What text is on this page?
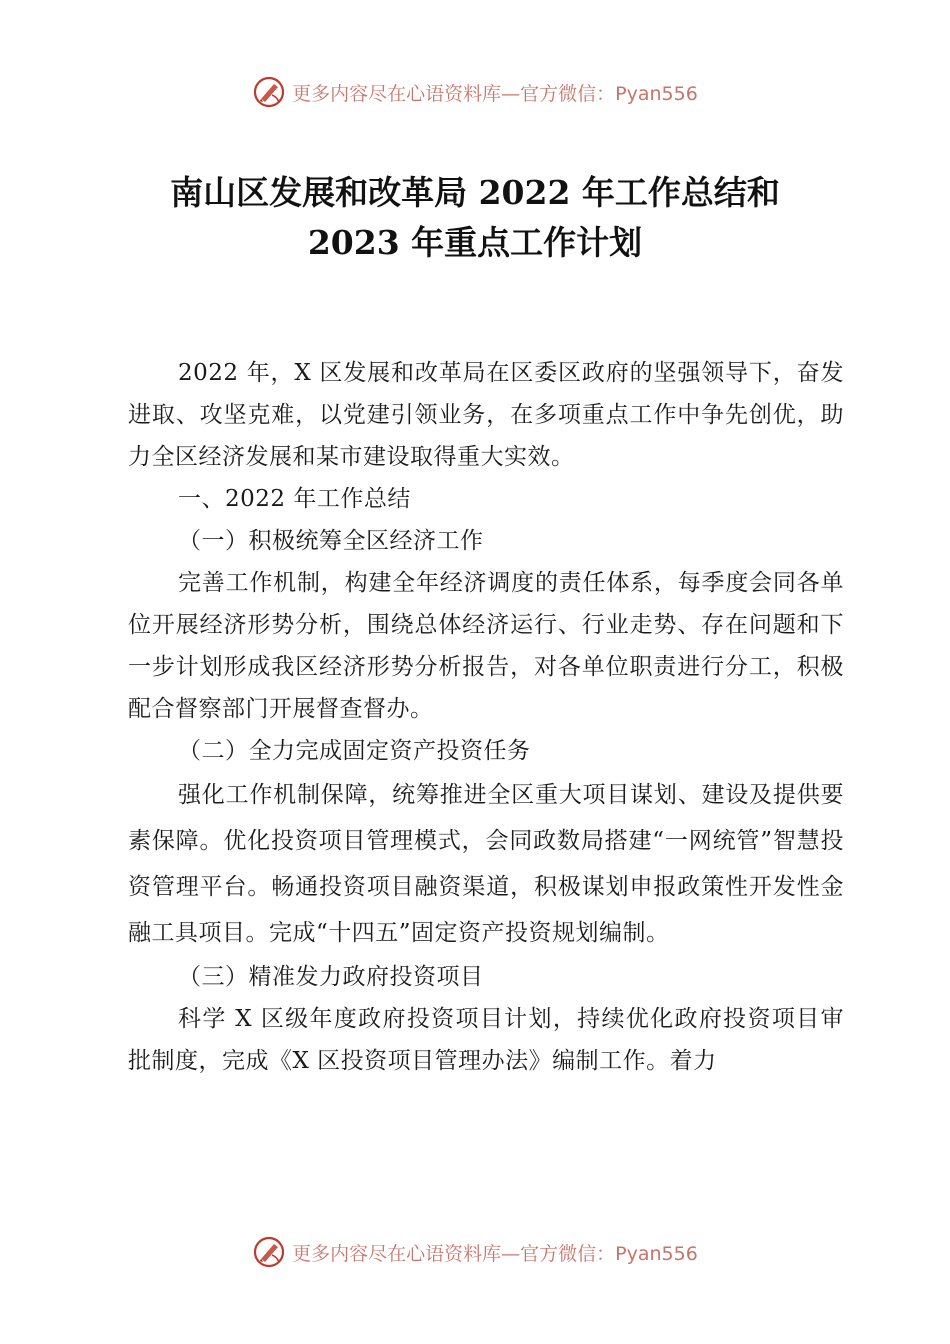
更多内容尽在心语资料库—官方微信：Pyan556
南山区发展和改革局 2022 年工作总结和
2023 年重点工作计划

2022 年，X 区发展和改革局在区委区政府的坚强领导下，奋发进取、攻坚克难，以党建引领业务，在多项重点工作中争先创优，助力全区经济发展和某市建设取得重大实效。

一、2022 年工作总结

（一）积极统筹全区经济工作

完善工作机制，构建全年经济调度的责任体系，每季度会同各单位开展经济形势分析，围绕总体经济运行、行业走势、存在问题和下一步计划形成我区经济形势分析报告，对各单位职责进行分工，积极配合督察部门开展督查督办。

（二）全力完成固定资产投资任务

强化工作机制保障，统筹推进全区重大项目谋划、建设及提供要素保障。优化投资项目管理模式，会同政数局搭建“一网统管”智慧投资管理平台。畅通投资项目融资渠道，积极谋划申报政策性开发性金融工具项目。完成“十四五”固定资产投资规划编制。

（三）精准发力政府投资项目

科学 X 区级年度政府投资项目计划，持续优化政府投资项目审批制度，完成《X 区投资项目管理办法》编制工作。着力

更多内容尽在心语资料库—官方微信：Pyan556
